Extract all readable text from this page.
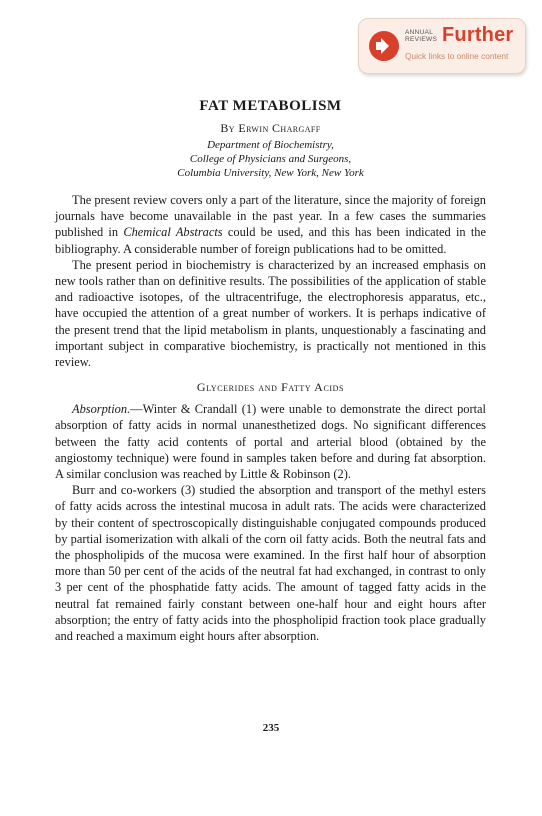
ANNUAL
REVIEWS Further
Quick links to online content
FAT METABOLISM
By Erwin Chargaff
Department of Biochemistry,
College of Physicians and Surgeons,
Columbia University, New York, New York

The present review covers only a part of the literature, since the majority of foreign journals have become unavailable in the past year. In a few cases the summaries published in Chemical Abstracts could be used, and this has been indicated in the bibliography. A considerable number of foreign publications had to be omitted.

The present period in biochemistry is characterized by an increased emphasis on new tools rather than on definitive results. The possibilities of the application of stable and radioactive isotopes, of the ultracentrifuge, the electrophoresis apparatus, etc., have occupied the attention of a great number of workers. It is perhaps indicative of the present trend that the lipid metabolism in plants, unquestionably a fascinating and important subject in comparative biochemistry, is practically not mentioned in this review.

Glycerides and Fatty Acids

Absorption.—Winter & Crandall (1) were unable to demonstrate the direct portal absorption of fatty acids in normal unanesthetized dogs. No significant differences between the fatty acid contents of portal and arterial blood (obtained by the angiostomy technique) were found in samples taken before and during fat absorption. A similar conclusion was reached by Little & Robinson (2).

Burr and co-workers (3) studied the absorption and transport of the methyl esters of fatty acids across the intestinal mucosa in adult rats. The acids were characterized by their content of spectroscopically distinguishable conjugated compounds produced by partial isomerization with alkali of the corn oil fatty acids. Both the neutral fats and the phospholipids of the mucosa were examined. In the first half hour of absorption more than 50 per cent of the acids of the neutral fat had exchanged, in contrast to only 3 per cent of the phosphatide fatty acids. The amount of tagged fatty acids in the neutral fat remained fairly constant between one-half hour and eight hours after absorption; the entry of fatty acids into the phospholipid fraction took place gradually and reached a maximum eight hours after absorption.

235
